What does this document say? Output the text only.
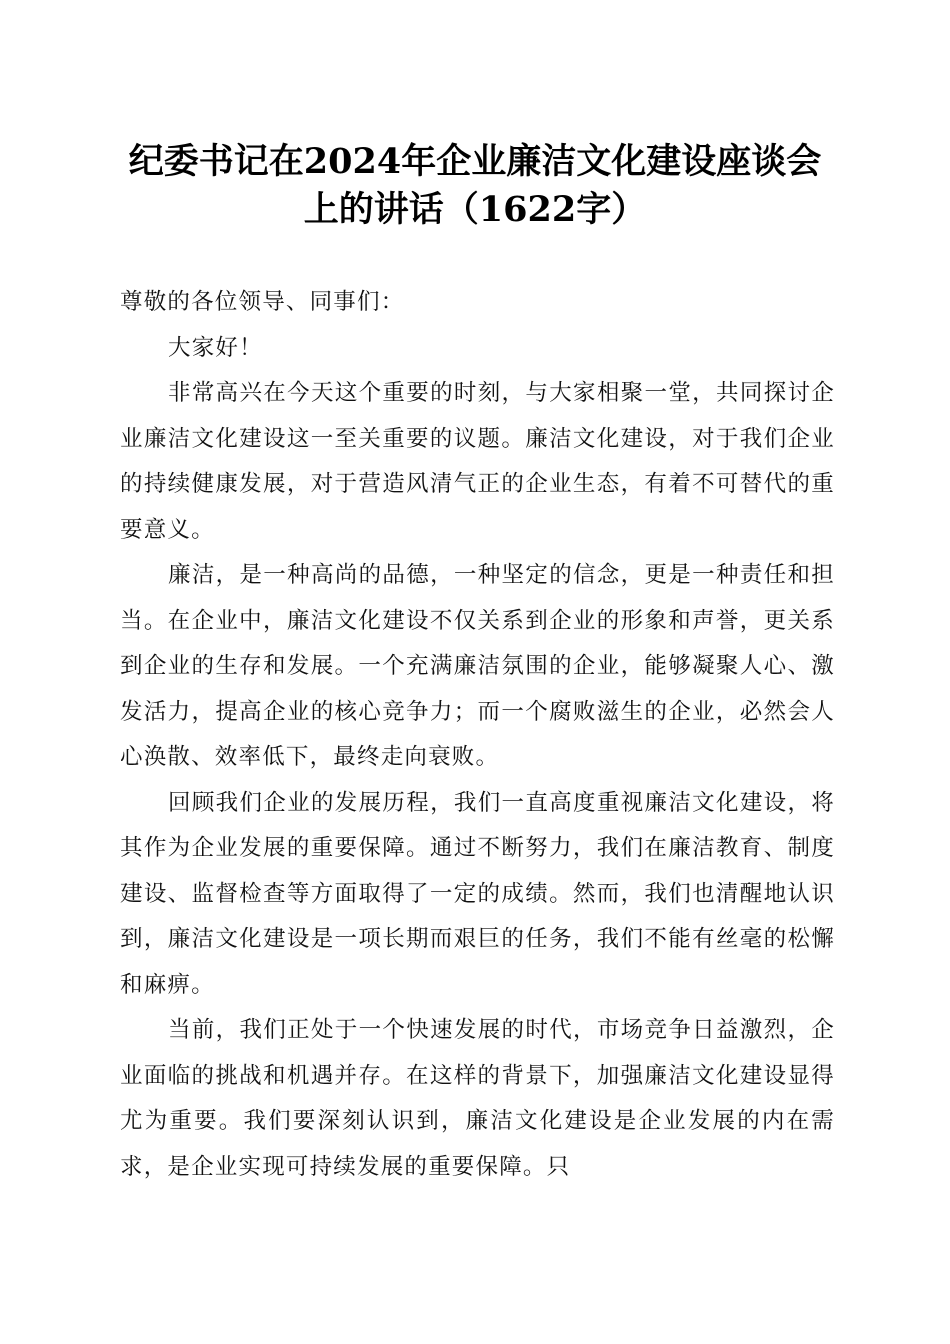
纪委书记在2024年企业廉洁文化建设座谈会
上的讲话（1622字）

尊敬的各位领导、同事们：

大家好！

非常高兴在今天这个重要的时刻，与大家相聚一堂，共同探讨企业廉洁文化建设这一至关重要的议题。廉洁文化建设，对于我们企业的持续健康发展，对于营造风清气正的企业生态，有着不可替代的重要意义。

廉洁，是一种高尚的品德，一种坚定的信念，更是一种责任和担当。在企业中，廉洁文化建设不仅关系到企业的形象和声誉，更关系到企业的生存和发展。一个充满廉洁氛围的企业，能够凝聚人心、激发活力，提高企业的核心竞争力；而一个腐败滋生的企业，必然会人心涣散、效率低下，最终走向衰败。

回顾我们企业的发展历程，我们一直高度重视廉洁文化建设，将其作为企业发展的重要保障。通过不断努力，我们在廉洁教育、制度建设、监督检查等方面取得了一定的成绩。然而，我们也清醒地认识到，廉洁文化建设是一项长期而艰巨的任务，我们不能有丝毫的松懈和麻痹。

当前，我们正处于一个快速发展的时代，市场竞争日益激烈，企业面临的挑战和机遇并存。在这样的背景下，加强廉洁文化建设显得尤为重要。我们要深刻认识到，廉洁文化建设是企业发展的内在需求，是企业实现可持续发展的重要保障。只
